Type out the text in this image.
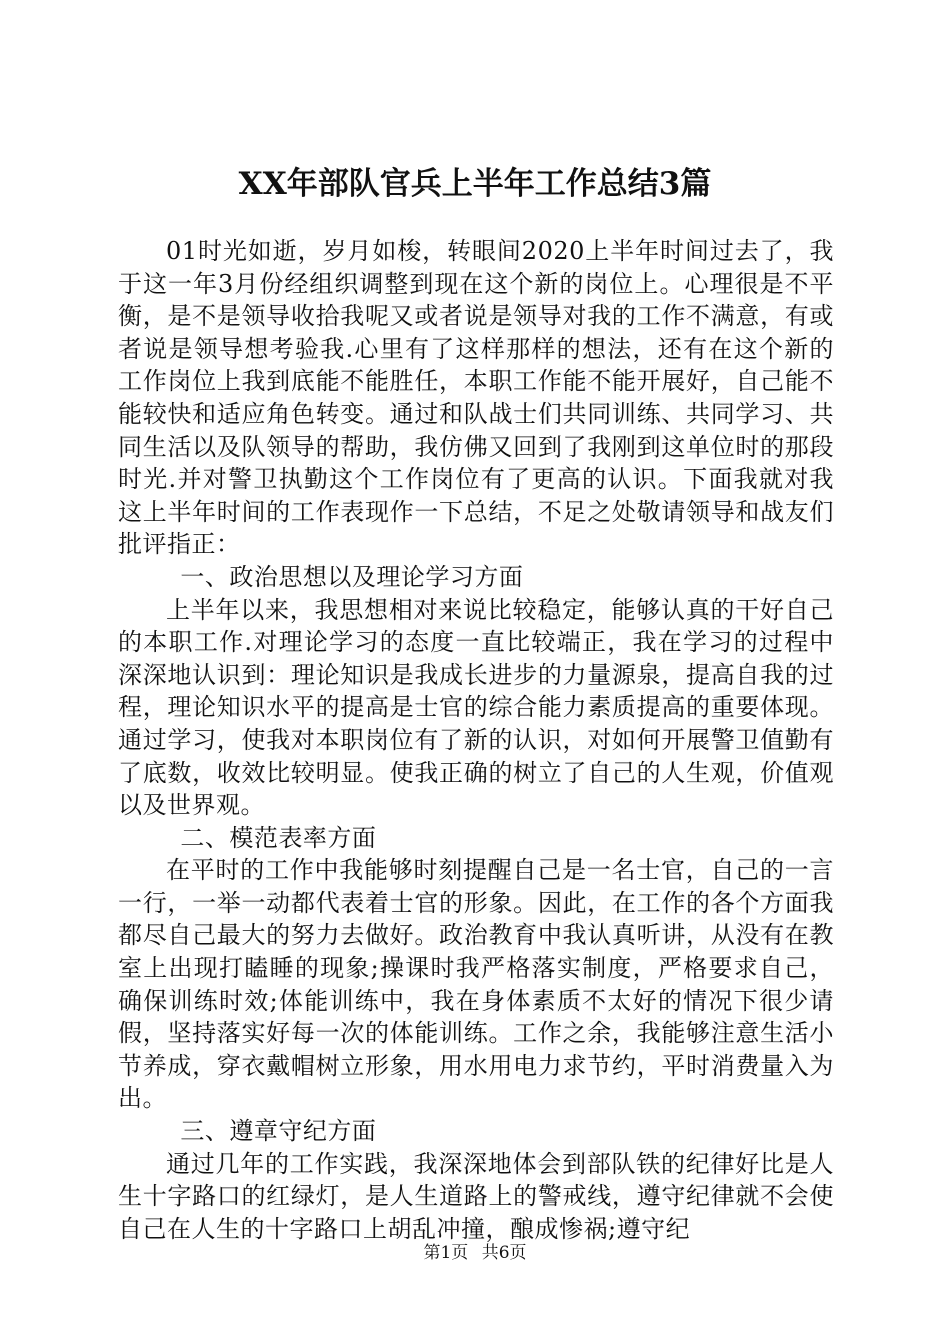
XX年部队官兵上半年工作总结3篇

01时光如逝，岁月如梭，转眼间2020上半年时间过去了，我于这一年3月份经组织调整到现在这个新的岗位上。心理很是不平衡，是不是领导收拾我呢又或者说是领导对我的工作不满意，有或者说是领导想考验我.心里有了这样那样的想法，还有在这个新的工作岗位上我到底能不能胜任，本职工作能不能开展好，自己能不能较快和适应角色转变。通过和队战士们共同训练、共同学习、共同生活以及队领导的帮助，我仿佛又回到了我刚到这单位时的那段时光.并对警卫执勤这个工作岗位有了更高的认识。下面我就对我这上半年时间的工作表现作一下总结，不足之处敬请领导和战友们批评指正：

一、政治思想以及理论学习方面

上半年以来，我思想相对来说比较稳定，能够认真的干好自己的本职工作.对理论学习的态度一直比较端正，我在学习的过程中深深地认识到：理论知识是我成长进步的力量源泉，提高自我的过程，理论知识水平的提高是士官的综合能力素质提高的重要体现。通过学习，使我对本职岗位有了新的认识，对如何开展警卫值勤有了底数，收效比较明显。使我正确的树立了自己的人生观，价值观以及世界观。

二、模范表率方面

在平时的工作中我能够时刻提醒自己是一名士官，自己的一言一行，一举一动都代表着士官的形象。因此，在工作的各个方面我都尽自己最大的努力去做好。政治教育中我认真听讲，从没有在教室上出现打瞌睡的现象;操课时我严格落实制度，严格要求自己，确保训练时效;体能训练中，我在身体素质不太好的情况下很少请假，坚持落实好每一次的体能训练。工作之余，我能够注意生活小节养成，穿衣戴帽树立形象，用水用电力求节约，平时消费量入为出。

三、遵章守纪方面

通过几年的工作实践，我深深地体会到部队铁的纪律好比是人生十字路口的红绿灯，是人生道路上的警戒线，遵守纪律就不会使自己在人生的十字路口上胡乱冲撞，酿成惨祸;遵守纪

第1页 共6页
